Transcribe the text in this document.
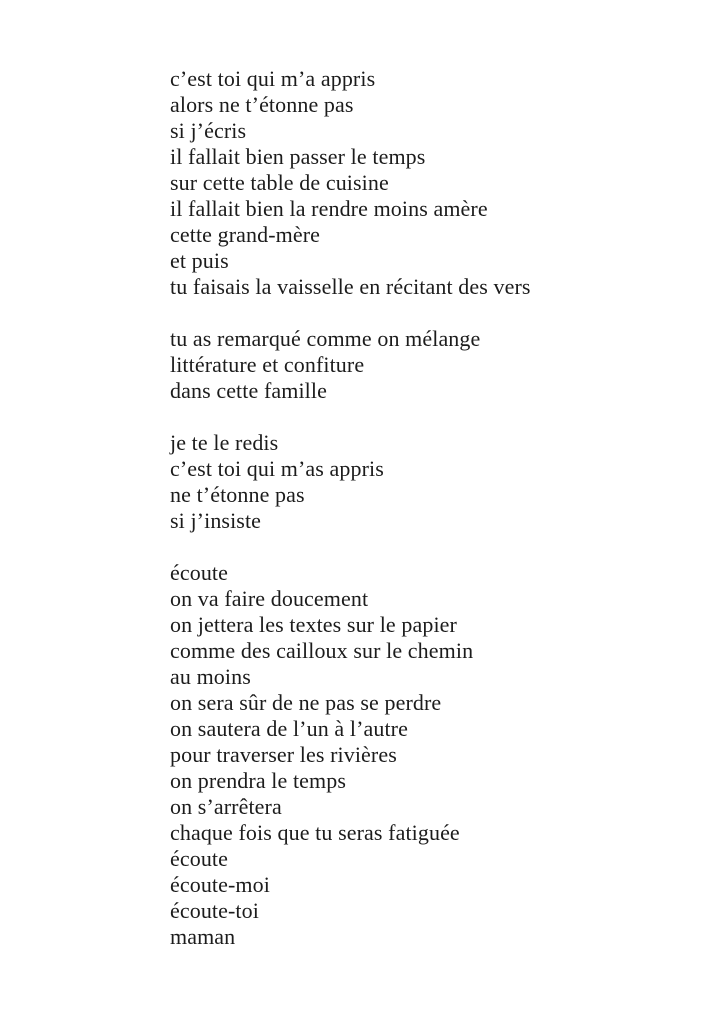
c’est toi qui m’a appris

alors ne t’étonne pas

si j’écris

il fallait bien passer le temps

sur cette table de cuisine

il fallait bien la rendre moins amère

cette grand-mère

et puis

tu faisais la vaisselle en récitant des vers

tu as remarqué comme on mélange

littérature et confiture

dans cette famille

je te le redis

c’est toi qui m’as appris

ne t’étonne pas

si j’insiste

écoute

on va faire doucement

on jettera les textes sur le papier

comme des cailloux sur le chemin

au moins

on sera sûr de ne pas se perdre

on sautera de l’un à l’autre

pour traverser les rivières

on prendra le temps

on s’arrêtera

chaque fois que tu seras fatiguée

écoute

écoute-moi

écoute-toi

maman
